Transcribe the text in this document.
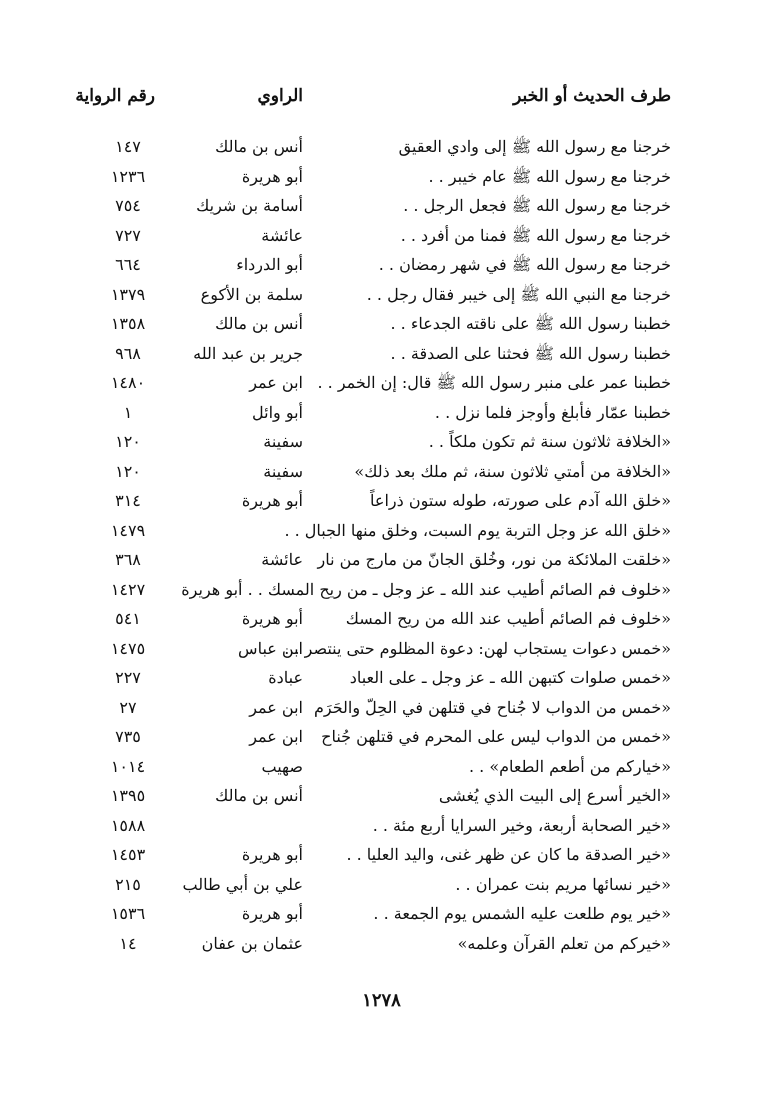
طرف الحديث أو الخبر
الراوي
رقم الرواية
خرجنا مع رسول الله ﷺ إلى وادي العقيق
أنس بن مالك
١٤٧
خرجنا مع رسول الله ﷺ عام خيبر . .
أبو هريرة
١٢٣٦
خرجنا مع رسول الله ﷺ فجعل الرجل . .
أسامة بن شريك
٧٥٤
خرجنا مع رسول الله ﷺ فمنا من أفرد . .
عائشة
٧٢٧
خرجنا مع رسول الله ﷺ في شهر رمضان . .
أبو الدرداء
٦٦٤
خرجنا مع النبي الله ﷺ إلى خيبر فقال رجل . .
سلمة بن الأكوع
١٣٧٩
خطبنا رسول الله ﷺ على ناقته الجدعاء . .
أنس بن مالك
١٣٥٨
خطبنا رسول الله ﷺ فحثنا على الصدقة . .
جرير بن عبد الله
٩٦٨
خطبنا عمر على منبر رسول الله ﷺ قال: إن الخمر . .
ابن عمر
١٤٨٠
خطبنا عمّار فأبلغ وأوجز فلما نزل . .
أبو وائل
١
«الخلافة ثلاثون سنة ثم تكون ملكاً . .
سفينة
١٢٠
«الخلافة من أمتي ثلاثون سنة، ثم ملك بعد ذلك»
سفينة
١٢٠
«خلق الله آدم على صورته، طوله ستون ذراعاً
أبو هريرة
٣١٤
«خلق الله عز وجل التربة يوم السبت، وخلق منها الجبال . .
١٤٧٩
«خلقت الملائكة من نور، وخُلق الجانّ من مارج من نار
عائشة
٣٦٨
«خلوف فم الصائم أطيب عند الله ـ عز وجل ـ من ريح المسك . . أبو هريرة
١٤٢٧
«خلوف فم الصائم أطيب عند الله من ريح المسك
أبو هريرة
٥٤١
«خمس دعوات يستجاب لهن: دعوة المظلوم حتى ينتصر . .
ابن عباس
١٤٧٥
«خمس صلوات كتبهن الله ـ عز وجل ـ على العباد
عبادة
٢٢٧
«خمس من الدواب لا جُناح في قتلهن في الحِلّ والحَرَم
ابن عمر
٢٧
«خمس من الدواب ليس على المحرم في قتلهن جُناح
ابن عمر
٧٣٥
«خياركم من أطعم الطعام» . .
صهيب
١٠١٤
«الخير أسرع إلى البيت الذي يُغشى
أنس بن مالك
١٣٩٥
«خير الصحابة أربعة، وخير السرايا أربع مئة . .
١٥٨٨
«خير الصدقة ما كان عن ظهر غنى، واليد العليا . .
أبو هريرة
١٤٥٣
«خير نسائها مريم بنت عمران . .
علي بن أبي طالب
٢١٥
«خير يوم طلعت عليه الشمس يوم الجمعة . .
أبو هريرة
١٥٣٦
«خيركم من تعلم القرآن وعلمه»
عثمان بن عفان
١٤
١٢٧٨
